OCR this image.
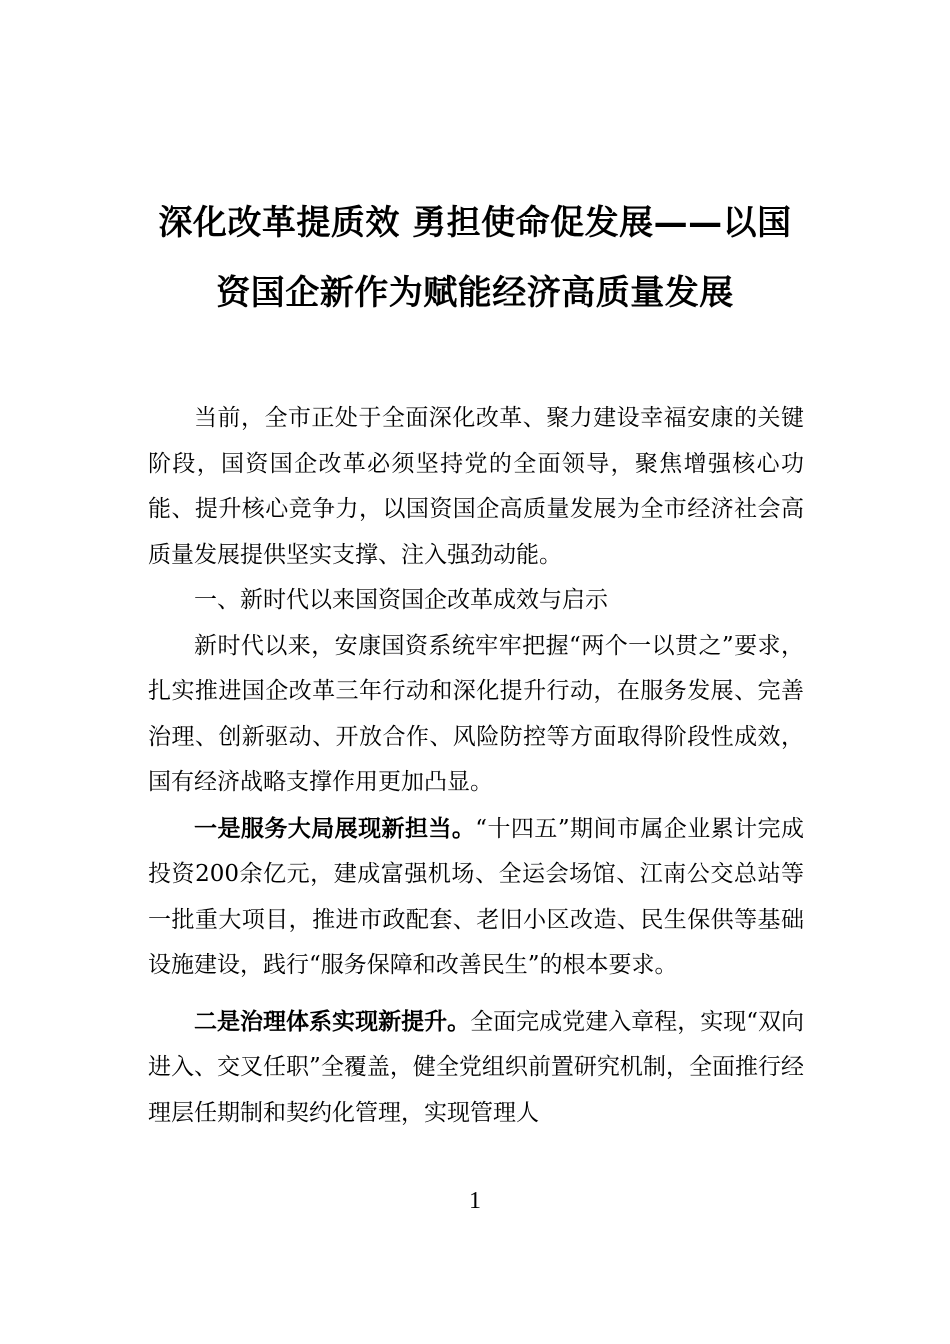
深化改革提质效 勇担使命促发展——以国
资国企新作为赋能经济高质量发展

当前，全市正处于全面深化改革、聚力建设幸福安康的关键阶段，国资国企改革必须坚持党的全面领导，聚焦增强核心功能、提升核心竞争力，以国资国企高质量发展为全市经济社会高质量发展提供坚实支撑、注入强劲动能。

一、新时代以来国资国企改革成效与启示

新时代以来，安康国资系统牢牢把握“两个一以贯之”要求，扎实推进国企改革三年行动和深化提升行动，在服务发展、完善治理、创新驱动、开放合作、风险防控等方面取得阶段性成效，国有经济战略支撑作用更加凸显。

一是服务大局展现新担当。“十四五”期间市属企业累计完成投资200余亿元，建成富强机场、全运会场馆、江南公交总站等一批重大项目，推进市政配套、老旧小区改造、民生保供等基础设施建设，践行“服务保障和改善民生”的根本要求。

二是治理体系实现新提升。全面完成党建入章程，实现“双向进入、交叉任职”全覆盖，健全党组织前置研究机制，全面推行经理层任期制和契约化管理，实现管理人

1
